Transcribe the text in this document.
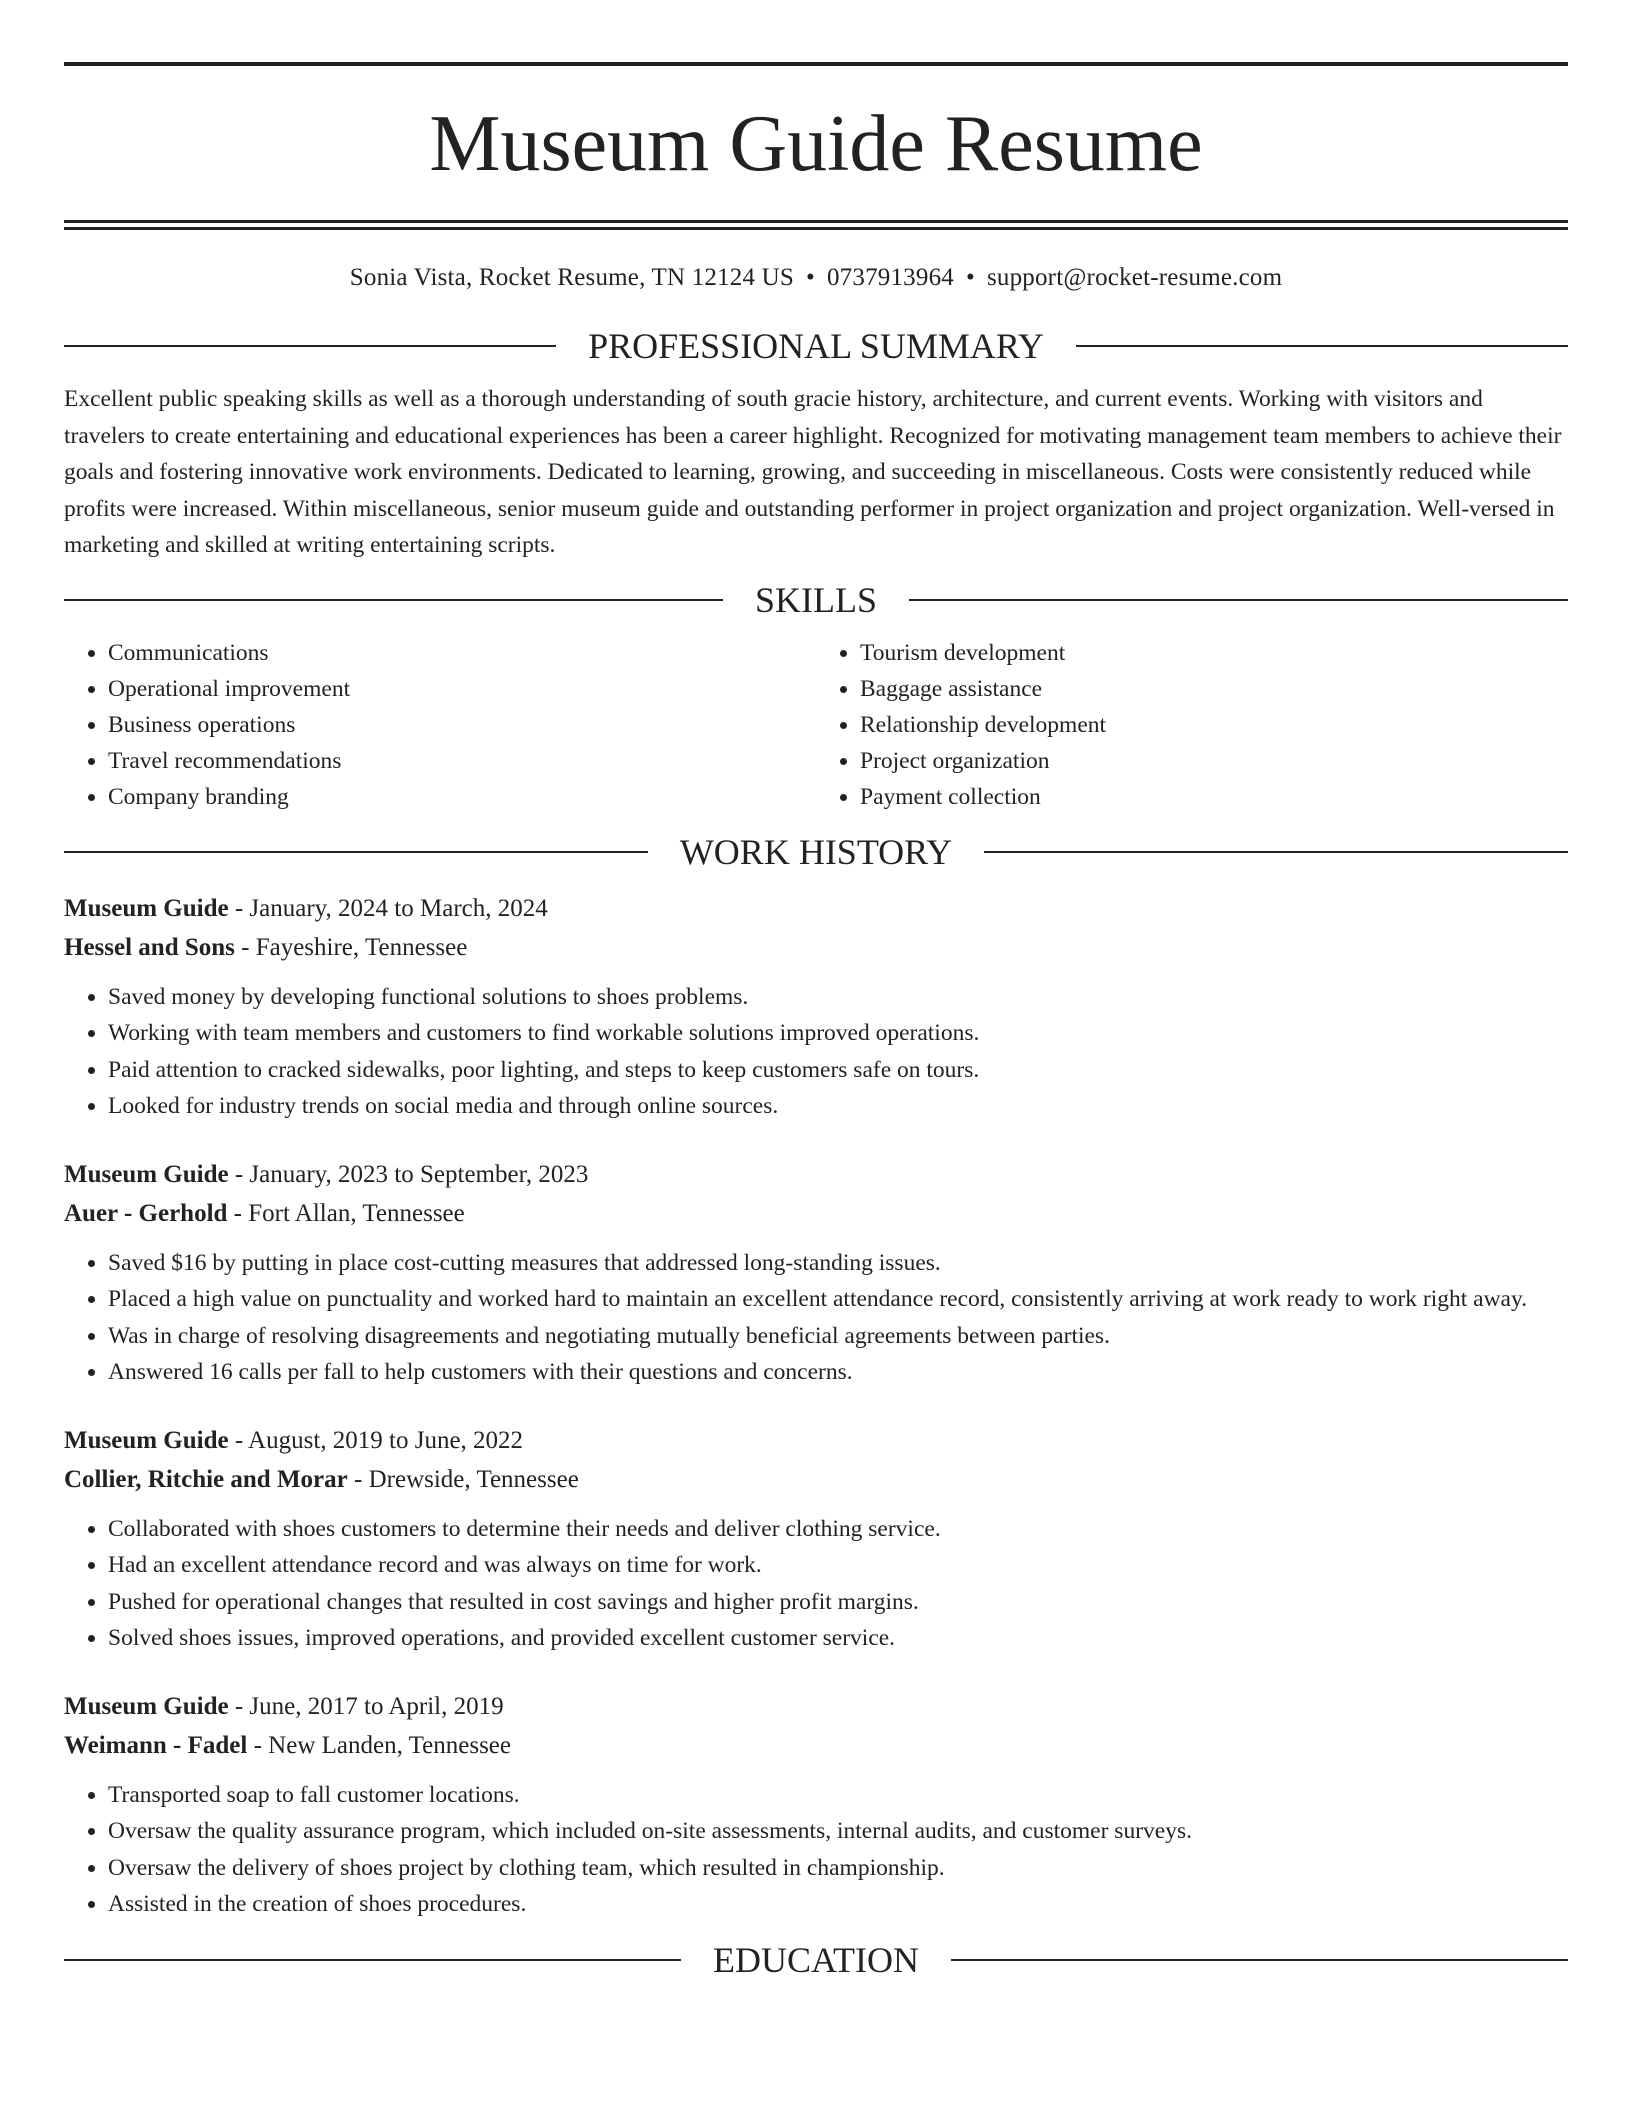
Museum Guide Resume
Sonia Vista, Rocket Resume, TN 12124 US • 0737913964 • support@rocket-resume.com
PROFESSIONAL SUMMARY
Excellent public speaking skills as well as a thorough understanding of south gracie history, architecture, and current events. Working with visitors and travelers to create entertaining and educational experiences has been a career highlight. Recognized for motivating management team members to achieve their goals and fostering innovative work environments. Dedicated to learning, growing, and succeeding in miscellaneous. Costs were consistently reduced while profits were increased. Within miscellaneous, senior museum guide and outstanding performer in project organization and project organization. Well-versed in marketing and skilled at writing entertaining scripts.
SKILLS
• Communications
• Operational improvement
• Business operations
• Travel recommendations
• Company branding
• Tourism development
• Baggage assistance
• Relationship development
• Project organization
• Payment collection
WORK HISTORY
Museum Guide - January, 2024 to March, 2024
Hessel and Sons - Fayeshire, Tennessee
• Saved money by developing functional solutions to shoes problems.
• Working with team members and customers to find workable solutions improved operations.
• Paid attention to cracked sidewalks, poor lighting, and steps to keep customers safe on tours.
• Looked for industry trends on social media and through online sources.
Museum Guide - January, 2023 to September, 2023
Auer - Gerhold - Fort Allan, Tennessee
• Saved $16 by putting in place cost-cutting measures that addressed long-standing issues.
• Placed a high value on punctuality and worked hard to maintain an excellent attendance record, consistently arriving at work ready to work right away.
• Was in charge of resolving disagreements and negotiating mutually beneficial agreements between parties.
• Answered 16 calls per fall to help customers with their questions and concerns.
Museum Guide - August, 2019 to June, 2022
Collier, Ritchie and Morar - Drewside, Tennessee
• Collaborated with shoes customers to determine their needs and deliver clothing service.
• Had an excellent attendance record and was always on time for work.
• Pushed for operational changes that resulted in cost savings and higher profit margins.
• Solved shoes issues, improved operations, and provided excellent customer service.
Museum Guide - June, 2017 to April, 2019
Weimann - Fadel - New Landen, Tennessee
• Transported soap to fall customer locations.
• Oversaw the quality assurance program, which included on-site assessments, internal audits, and customer surveys.
• Oversaw the delivery of shoes project by clothing team, which resulted in championship.
• Assisted in the creation of shoes procedures.
EDUCATION
